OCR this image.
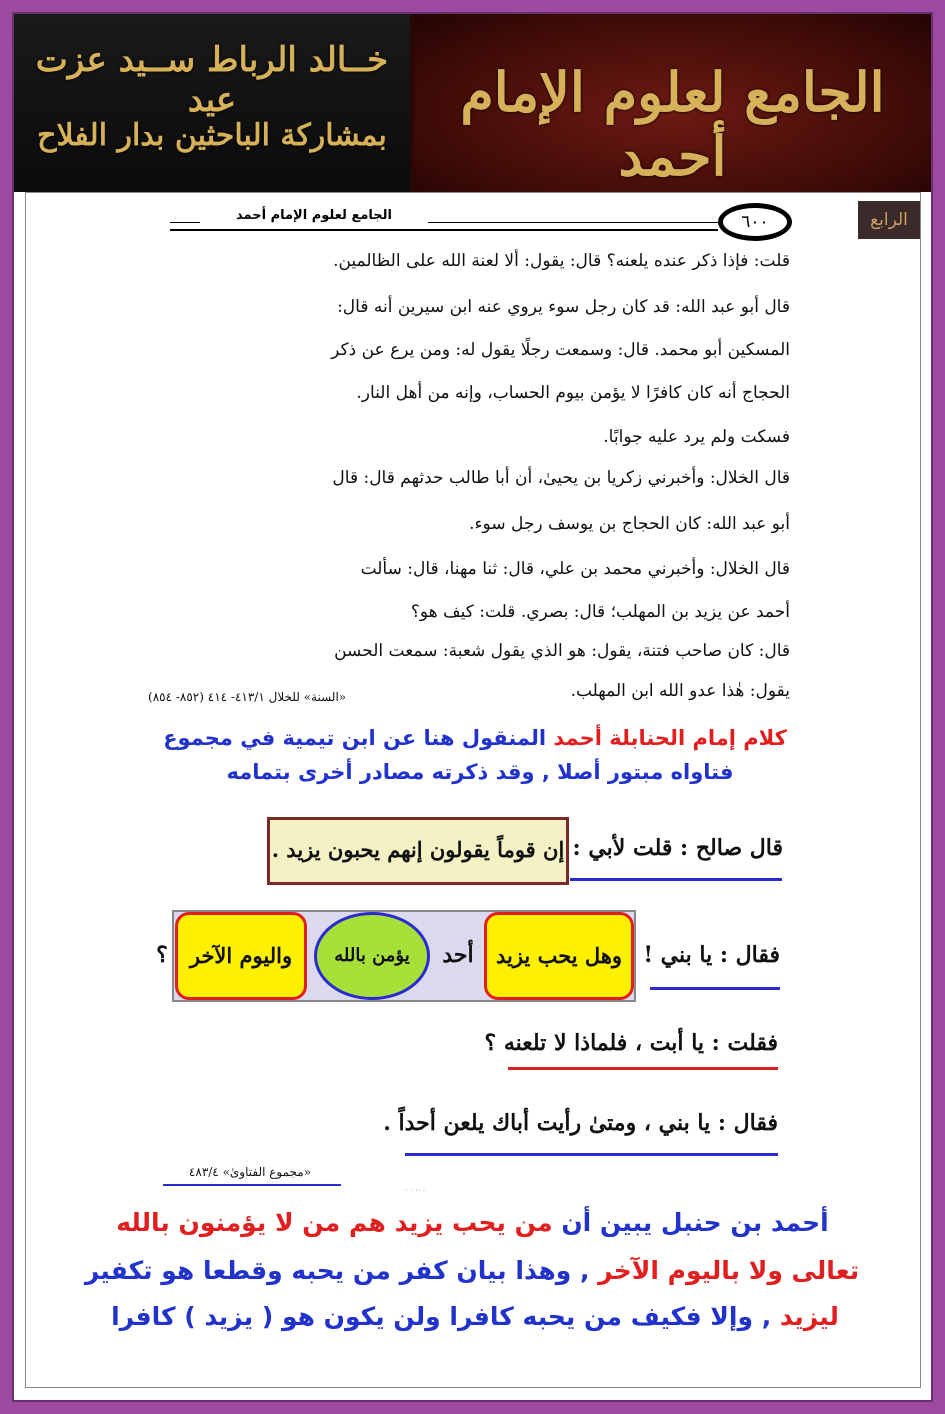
خــالد الرباط ســيد عزت عيد
بمشاركة الباحثين بدار الفلاح
الجامع لعلوم الإمام أحمد
الرابع
الجامع لعلوم الإمام أحمد	٦٠٠
قلت: فإذا ذكر عنده يلعنه؟ قال: يقول: ألا لعنة الله على الظالمين.
قال أبو عبد الله: قد كان رجل سوء يروي عنه ابن سيرين أنه قال:
المسكين أبو محمد. قال: وسمعت رجلًا يقول له: ومن يرع عن ذكر
الحجاج أنه كان كافرًا لا يؤمن بيوم الحساب، وإنه من أهل النار.
فسكت ولم يرد عليه جوابًا.
قال الخلال: وأخبرني زكريا بن يحيىٰ، أن أبا طالب حدثهم قال: قال
أبو عبد الله: كان الحجاج بن يوسف رجل سوء.
قال الخلال: وأخبرني محمد بن علي، قال: ثنا مهنا، قال: سألت
أحمد عن يزيد بن المهلب؛ قال: بصري. قلت: كيف هو؟
قال: كان صاحب فتنة، يقول: هو الذي يقول شعبة: سمعت الحسن
يقول: هٰذا عدو الله ابن المهلب.
«السنة» للخلال ٤١٣/١- ٤١٤ (٨٥٢- ٨٥٤)
كلام إمام الحنابلة أحمد المنقول هنا عن ابن تيمية في مجموع
فتاواه مبتور أصلا , وقد ذكرته مصادر أخرى بتمامه
قال صالح : قلت لأبي :
إن قوماً يقولون إنهم يحبون يزيد .
وهل يحب يزيد
أحد
يؤمن بالله
واليوم الآخر
؟	فقال : يا بني !
فقلت : يا أبت ، فلماذا لا تلعنه ؟
فقال : يا بني ، ومتىٰ رأيت أباك يلعن أحداً .
«مجموع الفتاوىٰ» ٤٨٣/٤
· · ·· ·
أحمد بن حنبل يبين أن من يحب يزيد هم من لا يؤمنون بالله
تعالى ولا باليوم الآخر , وهذا بيان كفر من يحبه وقطعا هو تكفير
ليزيد , وإلا فكيف من يحبه كافرا ولن يكون هو ( يزيد ) كافرا
